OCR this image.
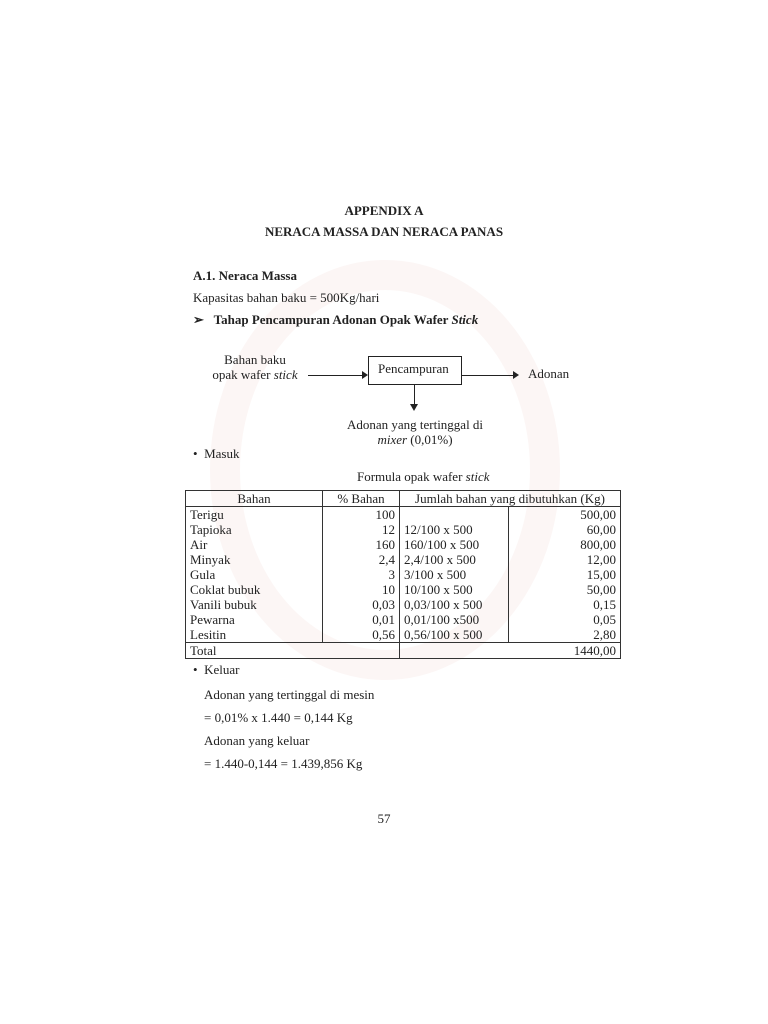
APPENDIX A
NERACA MASSA DAN NERACA PANAS
A.1. Neraca Massa
Kapasitas bahan baku = 500Kg/hari
➢ Tahap Pencampuran Adonan Opak Wafer Stick
Bahan baku
opak wafer stick	Pencampuran	Adonan
Adonan yang tertinggal di
mixer (0,01%)
•  Masuk
Formula opak wafer stick
Bahan	% Bahan	Jumlah bahan yang dibutuhkan (Kg)	
Terigu	100		500,00
Tapioka	12	12/100 x 500	60,00
Air	160	160/100 x 500	800,00
Minyak	2,4	2,4/100 x 500	12,00
Gula	3	3/100 x 500	15,00
Coklat bubuk	10	10/100 x 500	50,00
Vanili bubuk	0,03	0,03/100 x 500	0,15
Pewarna	0,01	0,01/100 x500	0,05
Lesitin	0,56	0,56/100 x 500	2,80
Total		1440,00	
•  Keluar
Adonan yang tertinggal di mesin
= 0,01% x 1.440 = 0,144 Kg
Adonan yang keluar
= 1.440-0,144 = 1.439,856 Kg
57
